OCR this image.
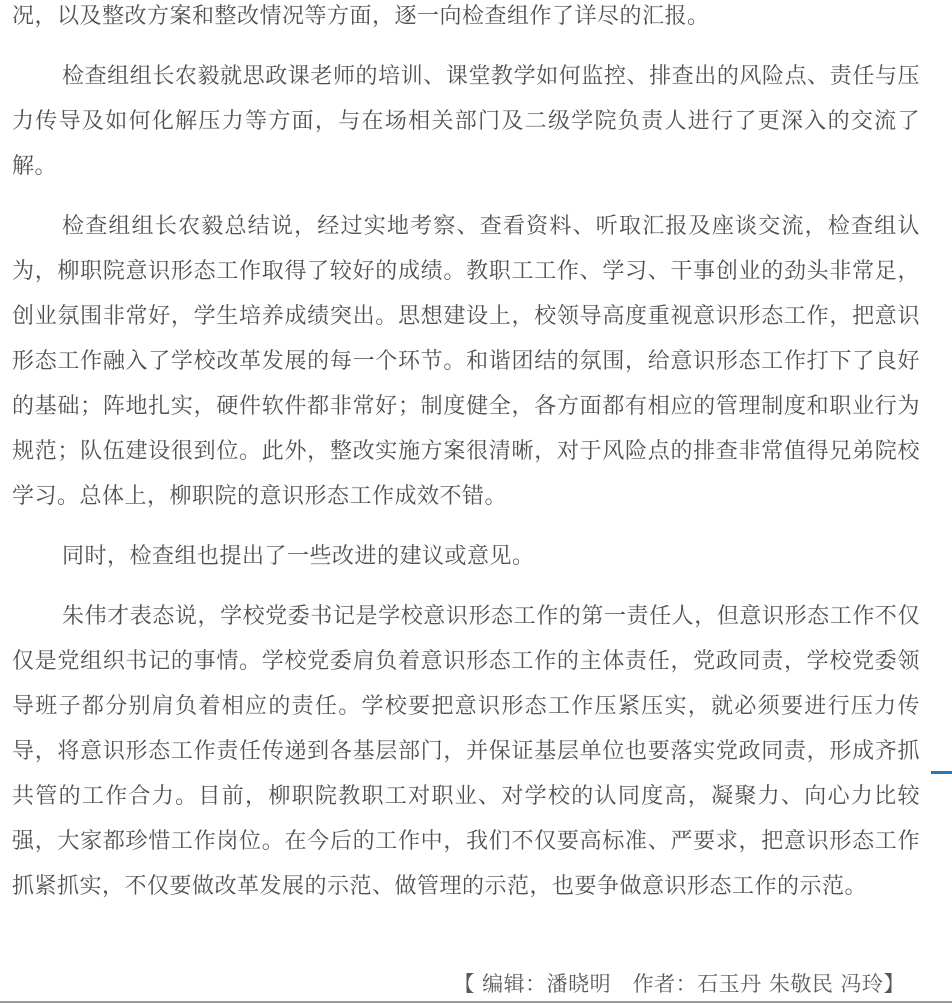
况，以及整改方案和整改情况等方面，逐一向检查组作了详尽的汇报。

检查组组长农毅就思政课老师的培训、课堂教学如何监控、排查出的风险点、责任与压力传导及如何化解压力等方面，与在场相关部门及二级学院负责人进行了更深入的交流了解。

检查组组长农毅总结说，经过实地考察、查看资料、听取汇报及座谈交流，检查组认为，柳职院意识形态工作取得了较好的成绩。教职工工作、学习、干事创业的劲头非常足，创业氛围非常好，学生培养成绩突出。思想建设上，校领导高度重视意识形态工作，把意识形态工作融入了学校改革发展的每一个环节。和谐团结的氛围，给意识形态工作打下了良好的基础；阵地扎实，硬件软件都非常好；制度健全，各方面都有相应的管理制度和职业行为规范；队伍建设很到位。此外，整改实施方案很清晰，对于风险点的排查非常值得兄弟院校学习。总体上，柳职院的意识形态工作成效不错。

同时，检查组也提出了一些改进的建议或意见。

朱伟才表态说，学校党委书记是学校意识形态工作的第一责任人，但意识形态工作不仅仅是党组织书记的事情。学校党委肩负着意识形态工作的主体责任，党政同责，学校党委领导班子都分别肩负着相应的责任。学校要把意识形态工作压紧压实，就必须要进行压力传导，将意识形态工作责任传递到各基层部门，并保证基层单位也要落实党政同责，形成齐抓共管的工作合力。目前，柳职院教职工对职业、对学校的认同度高，凝聚力、向心力比较强，大家都珍惜工作岗位。在今后的工作中，我们不仅要高标准、严要求，把意识形态工作抓紧抓实，不仅要做改革发展的示范、做管理的示范，也要争做意识形态工作的示范。

【 编辑：潘晓明　作者：石玉丹 朱敬民 冯玲】
